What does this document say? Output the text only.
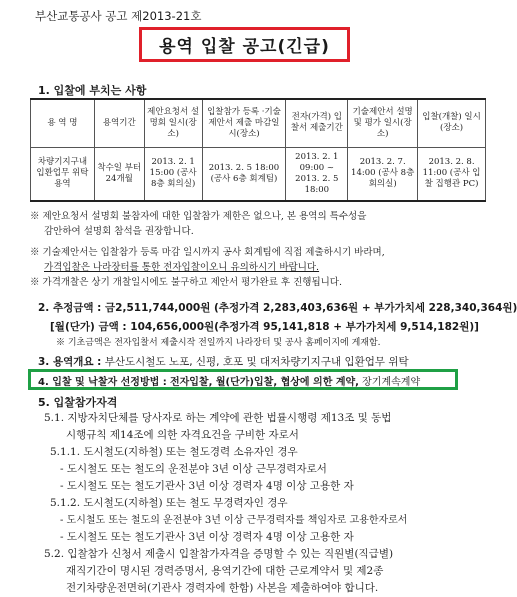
부산교통공사 공고 제2013-21호
용역 입찰 공고(긴급)
1. 입찰에 부치는 사항
용 역 명	용역기간	제안요청서 설명회 일시(장소)	입찰참가 등록 ·기술제안서 제출 마감일시(장소)	전자(가격) 입찰서 제출기간	기술제안서 설명 및 평가 일시(장소)	입찰(개찰) 일시(장소)
차량기지구내 입환업무 위탁용역	착수일 부터 24개월	2013. 2. 1 15:00 (공사 8층 회의실)	2013. 2. 5 18:00 (공사 6층 회계팀)	2013. 2. 1 09:00 ~ 2013. 2. 5 18:00	2013. 2. 7. 14:00 (공사 8층 회의실)	2013. 2. 8. 11:00 (공사 입찰 집행관 PC)
※ 제안요청서 설명회 불참자에 대한 입찰참가 제한은 없으나, 본 용역의 특수성을
감안하여 설명회 참석을 권장합니다.
※ 기술제안서는 입찰참가 등록 마감 일시까지 공사 회계팀에 직접 제출하시기 바라며,
가격입찰은 나라장터를 통한 전자입찰이오니 유의하시기 바랍니다.
※ 가격개찰은 상기 개찰일시에도 불구하고 제안서 평가완료 후 진행됩니다.
2. 추정금액 : 금2,511,744,000원 (추정가격 2,283,403,636원 + 부가가치세 228,340,364원)
[월(단가) 금액 : 104,656,000원(추정가격 95,141,818 + 부가가치세 9,514,182원)]
※ 기초금액은 전자입찰서 제출시작 전일까지 나라장터 및 공사 홈페이지에 게재함.
3. 용역개요 : 부산도시철도 노포, 신평, 호포 및 대저차량기지구내 입환업무 위탁
4. 입찰 및 낙찰자 선정방법 : 전자입찰, 월(단가)입찰, 협상에 의한 계약, 장기계속계약
5. 입찰참가자격
5.1. 지방자치단체를 당사자로 하는 계약에 관한 법률시행령 제13조 및 동법
시행규칙 제14조에 의한 자격요건을 구비한 자로서
5.1.1. 도시철도(지하철) 또는 철도경력 소유자인 경우
- 도시철도 또는 철도의 운전분야 3년 이상 근무경력자로서
- 도시철도 또는 철도기관사 3년 이상 경력자 4명 이상 고용한 자
5.1.2. 도시철도(지하철) 또는 철도 무경력자인 경우
- 도시철도 또는 철도의 운전분야 3년 이상 근무경력자를 책임자로 고용한자로서
- 도시철도 또는 철도기관사 3년 이상 경력자 4명 이상 고용한 자
5.2. 입찰참가 신청서 제출시 입찰참가자격을 증명할 수 있는 직원별(직급별)
재직기간이 명시된 경력증명서, 용역기간에 대한 근로계약서 및 제2종
전기차량운전면허(기관사 경력자에 한함) 사본을 제출하여야 합니다.
